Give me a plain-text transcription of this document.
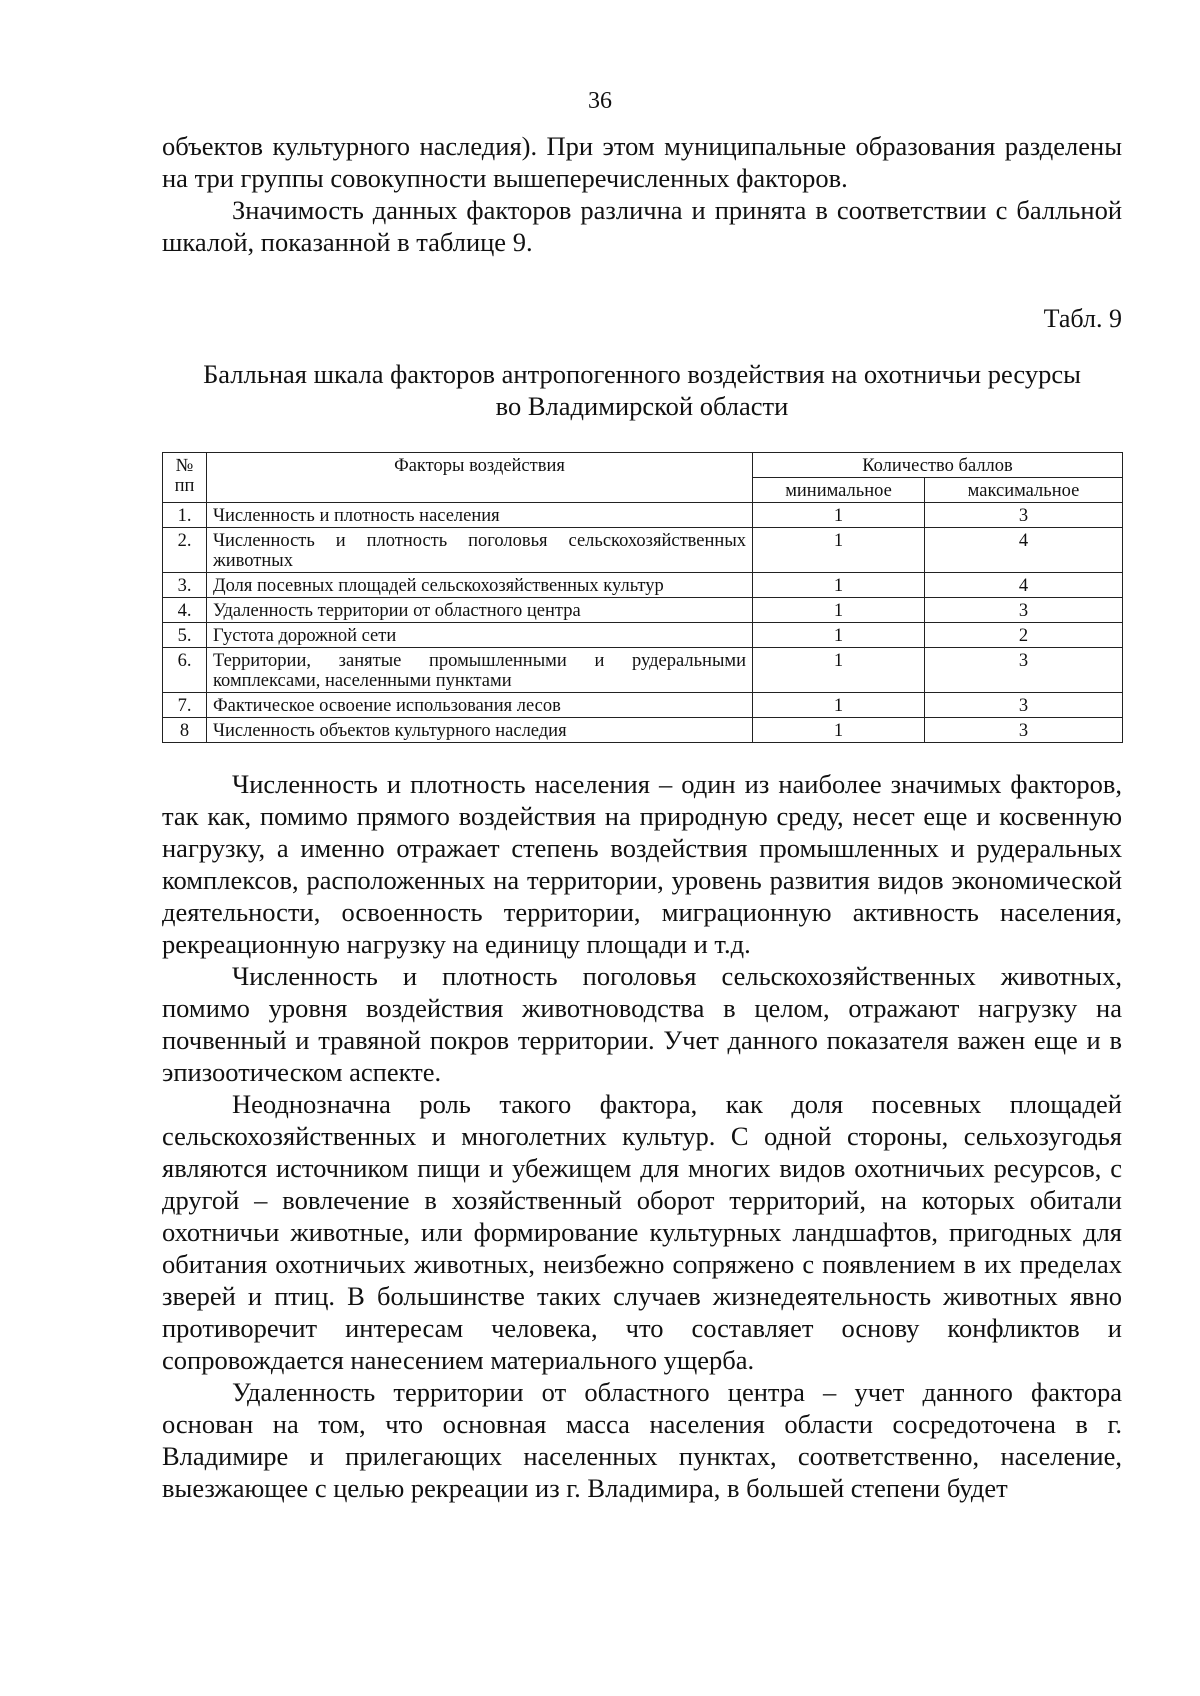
36

объектов культурного наследия). При этом муниципальные образования разделены на три группы совокупности вышеперечисленных факторов.

Значимость данных факторов различна и принята в соответствии с балльной шкалой, показанной в таблице 9.

Табл. 9
Балльная шкала факторов антропогенного воздействия на охотничьи ресурсы
во Владимирской области
№ пп	Факторы воздействия	Количество баллов	
		минимальное	максимальное
1.	Численность и плотность населения	1	3
2.	Численность и плотность поголовья сельскохозяйственных животных	1	4
3.	Доля посевных площадей сельскохозяйственных культур	1	4
4.	Удаленность территории от областного центра	1	3
5.	Густота дорожной сети	1	2
6.	Территории, занятые промышленными и рудеральными комплексами, населенными пунктами	1	3
7.	Фактическое освоение использования лесов	1	3
8	Численность объектов культурного наследия	1	3

Численность и плотность населения – один из наиболее значимых факторов, так как, помимо прямого воздействия на природную среду, несет еще и косвенную нагрузку, а именно отражает степень воздействия промышленных и рудеральных комплексов, расположенных на территории, уровень развития видов экономической деятельности, освоенность территории, миграционную активность населения, рекреационную нагрузку на единицу площади и т.д.

Численность и плотность поголовья сельскохозяйственных животных, помимо уровня воздействия животноводства в целом, отражают нагрузку на почвенный и травяной покров территории. Учет данного показателя важен еще и в эпизоотическом аспекте.

Неоднозначна роль такого фактора, как доля посевных площадей сельскохозяйственных и многолетних культур. С одной стороны, сельхозугодья являются источником пищи и убежищем для многих видов охотничьих ресурсов, с другой – вовлечение в хозяйственный оборот территорий, на которых обитали охотничьи животные, или формирование культурных ландшафтов, пригодных для обитания охотничьих животных, неизбежно сопряжено с появлением в их пределах зверей и птиц. В большинстве таких случаев жизнедеятельность животных явно противоречит интересам человека, что составляет основу конфликтов и сопровождается нанесением материального ущерба.

Удаленность территории от областного центра – учет данного фактора основан на том, что основная масса населения области сосредоточена в г. Владимире и прилегающих населенных пунктах, соответственно, население, выезжающее с целью рекреации из г. Владимира, в большей степени будет
